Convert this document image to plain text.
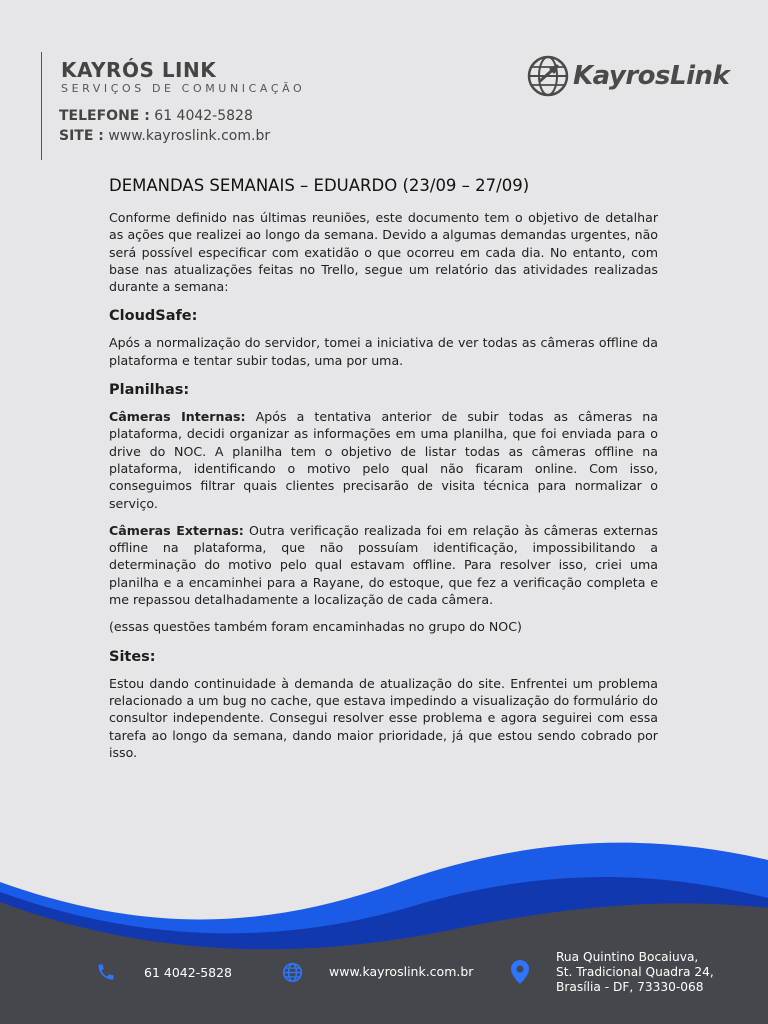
KAYRÓS LINK
SERVIÇOS DE COMUNICAÇÃO
TELEFONE : 61 4042-5828
SITE : www.kayroslink.com.br
KayrosLink
DEMANDAS SEMANAIS – EDUARDO (23/09 – 27/09)

Conforme definido nas últimas reuniões, este documento tem o objetivo de detalhar as ações que realizei ao longo da semana. Devido a algumas demandas urgentes, não será possível especificar com exatidão o que ocorreu em cada dia. No entanto, com base nas atualizações feitas no Trello, segue um relatório das atividades realizadas durante a semana:

CloudSafe:

Após a normalização do servidor, tomei a iniciativa de ver todas as câmeras offline da plataforma e tentar subir todas, uma por uma.

Planilhas:

Câmeras Internas: Após a tentativa anterior de subir todas as câmeras na plataforma, decidi organizar as informações em uma planilha, que foi enviada para o drive do NOC. A planilha tem o objetivo de listar todas as câmeras offline na plataforma, identificando o motivo pelo qual não ficaram online. Com isso, conseguimos filtrar quais clientes precisarão de visita técnica para normalizar o serviço.

Câmeras Externas: Outra verificação realizada foi em relação às câmeras externas offline na plataforma, que não possuíam identificação, impossibilitando a determinação do motivo pelo qual estavam offline. Para resolver isso, criei uma planilha e a encaminhei para a Rayane, do estoque, que fez a verificação completa e me repassou detalhadamente a localização de cada câmera.

(essas questões também foram encaminhadas no grupo do NOC)

Sites:

Estou dando continuidade à demanda de atualização do site. Enfrentei um problema relacionado a um bug no cache, que estava impedindo a visualização do formulário do consultor independente. Consegui resolver esse problema e agora seguirei com essa tarefa ao longo da semana, dando maior prioridade, já que estou sendo cobrado por isso.

61 4042-5828	www.kayroslink.com.br
Rua Quintino Bocaiuva,
St. Tradicional Quadra 24,
Brasília - DF, 73330-068
